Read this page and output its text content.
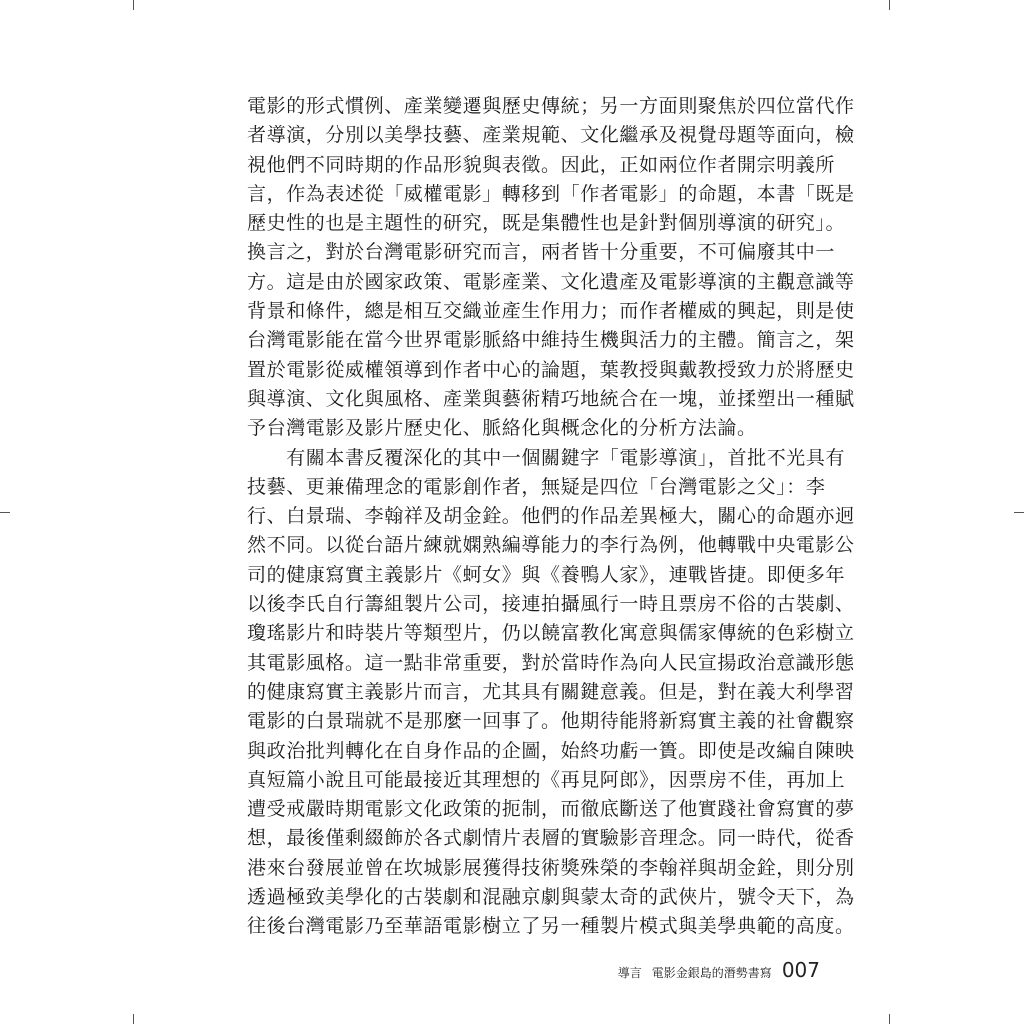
電影的形式慣例、產業變遷與歷史傳統；另一方面則聚焦於四位當代作
者導演，分別以美學技藝、產業規範、文化繼承及視覺母題等面向，檢
視他們不同時期的作品形貌與表徵。因此，正如兩位作者開宗明義所
言，作為表述從「威權電影」轉移到「作者電影」的命題，本書「既是
歷史性的也是主題性的研究，既是集體性也是針對個別導演的研究」。
換言之，對於台灣電影研究而言，兩者皆十分重要，不可偏廢其中一
方。這是由於國家政策、電影產業、文化遺產及電影導演的主觀意識等
背景和條件，總是相互交織並產生作用力；而作者權威的興起，則是使
台灣電影能在當今世界電影脈絡中維持生機與活力的主體。簡言之，架
置於電影從威權領導到作者中心的論題，葉教授與戴教授致力於將歷史
與導演、文化與風格、產業與藝術精巧地統合在一塊，並揉塑出一種賦
予台灣電影及影片歷史化、脈絡化與概念化的分析方法論。
　　有關本書反覆深化的其中一個關鍵字「電影導演」，首批不光具有
技藝、更兼備理念的電影創作者，無疑是四位「台灣電影之父」：李
行、白景瑞、李翰祥及胡金銓。他們的作品差異極大，關心的命題亦迥
然不同。以從台語片練就嫻熟編導能力的李行為例，他轉戰中央電影公
司的健康寫實主義影片《蚵女》與《養鴨人家》，連戰皆捷。即便多年
以後李氏自行籌組製片公司，接連拍攝風行一時且票房不俗的古裝劇、
瓊瑤影片和時裝片等類型片，仍以饒富教化寓意與儒家傳統的色彩樹立
其電影風格。這一點非常重要，對於當時作為向人民宣揚政治意識形態
的健康寫實主義影片而言，尤其具有關鍵意義。但是，對在義大利學習
電影的白景瑞就不是那麼一回事了。他期待能將新寫實主義的社會觀察
與政治批判轉化在自身作品的企圖，始終功虧一簣。即使是改編自陳映
真短篇小說且可能最接近其理想的《再見阿郎》，因票房不佳，再加上
遭受戒嚴時期電影文化政策的扼制，而徹底斷送了他實踐社會寫實的夢
想，最後僅剩綴飾於各式劇情片表層的實驗影音理念。同一時代，從香
港來台發展並曾在坎城影展獲得技術獎殊榮的李翰祥與胡金銓，則分別
透過極致美學化的古裝劇和混融京劇與蒙太奇的武俠片，號令天下，為
往後台灣電影乃至華語電影樹立了另一種製片模式與美學典範的高度。
導言 電影金銀島的潛勢書寫 007
